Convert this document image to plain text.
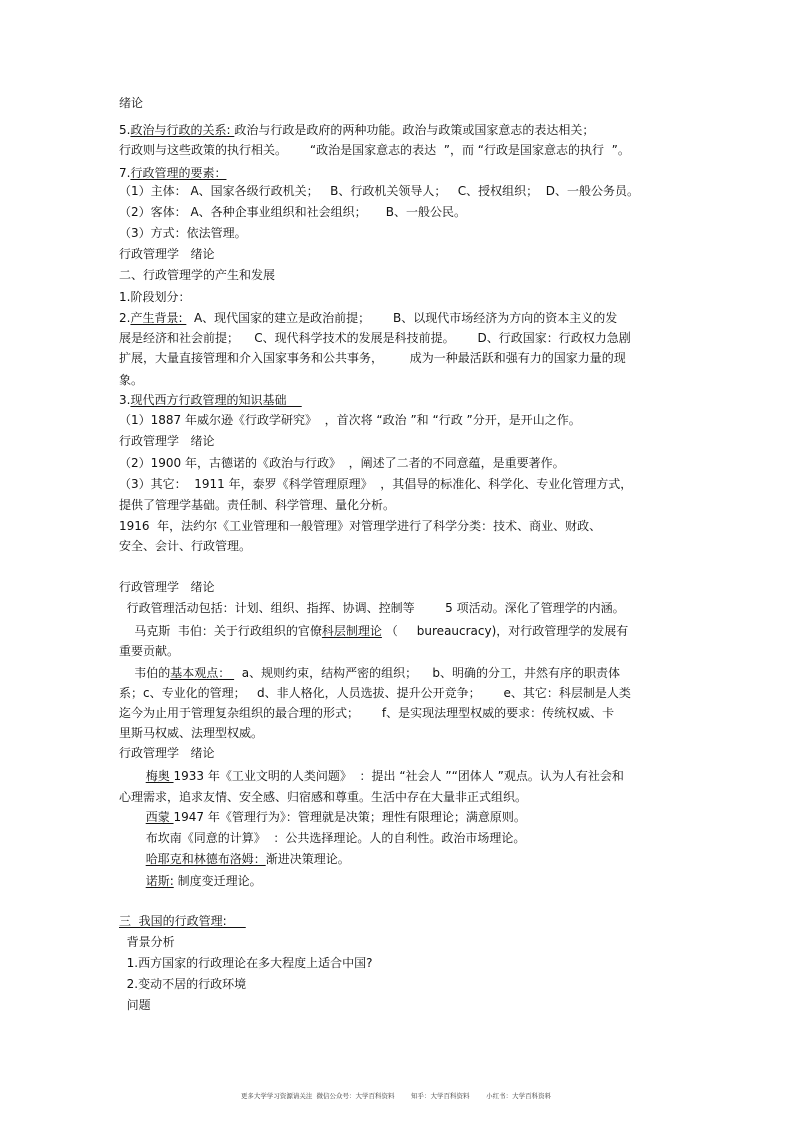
绪论
5.政治与行政的关系: 政治与行政是政府的两种功能。政治与政策或国家意志的表达相关；
行政则与这些政策的执行相关。      “政治是国家意志的表达  ”，而 “行政是国家意志的执行  ”。
7.行政管理的要素：
（1）主体： A、国家各级行政机关；   B、行政机关领导人；   C、授权组织；  D、一般公务员。
（2）客体： A、各种企事业组织和社会组织；     B、一般公民。
（3）方式：依法管理。
行政管理学   绪论
二、行政管理学的产生和发展
1.阶段划分：
2.产生背景:   A、现代国家的建立是政治前提；      B、以现代市场经济为方向的资本主义的发
展是经济和社会前提；    C、现代科学技术的发展是科技前提。      D、行政国家：行政权力急剧
扩展，大量直接管理和介入国家事务和公共事务，       成为一种最活跃和强有力的国家力量的现
象。
3.现代西方行政管理的知识基础
（1）1887 年威尔逊《行政学研究》  ，首次将 “政治 ”和 “行政 ”分开，是开山之作。
行政管理学   绪论
（2）1900 年，古德诺的《政治与行政》  ，阐述了二者的不同意蕴，是重要著作。
（3）其它：  1911 年，泰罗《科学管理原理》  ，其倡导的标准化、科学化、专业化管理方式，
提供了管理学基础。责任制、科学管理、量化分析。
1916  年，法约尔《工业管理和一般管理》对管理学进行了科学分类：技术、商业、财政、
安全、会计、行政管理。
行政管理学   绪论
行政管理活动包括：计划、组织、指挥、协调、控制等        5 项活动。深化了管理学的内涵。
马克斯  韦伯：关于行政组织的官僚科层制理论 （     bureaucracy)，对行政管理学的发展有
重要贡献。
韦伯的基本观点：   a、规则约束，结构严密的组织；    b、明确的分工，井然有序的职责体
系；c、专业化的管理；   d、非人格化，人员选拔、提升公开竞争；      e、其它：科层制是人类
迄今为止用于管理复杂组织的最合理的形式；      f、是实现法理型权威的要求：传统权威、卡
里斯马权威、法理型权威。
行政管理学   绪论
梅奥 1933 年《工业文明的人类问题》  ：提出 “社会人 ”“团体人 ”观点。认为人有社会和
心理需求，追求友情、安全感、归宿感和尊重。生活中存在大量非正式组织。
西蒙 1947 年《管理行为》：管理就是决策；理性有限理论；满意原则。
布坎南《同意的计算》  ：公共选择理论。人的自利性。政治市场理论。
哈耶克和林德布洛姆：渐进决策理论。
诺斯: 制度变迁理论。
三  我国的行政管理:
背景分析
1.西方国家的行政理论在多大程度上适合中国?
2.变动不居的行政环境
问题
更多大学学习资源请关注  微信公众号：大学百科资料        知乎：大学百科资料        小红书：大学百科资料
